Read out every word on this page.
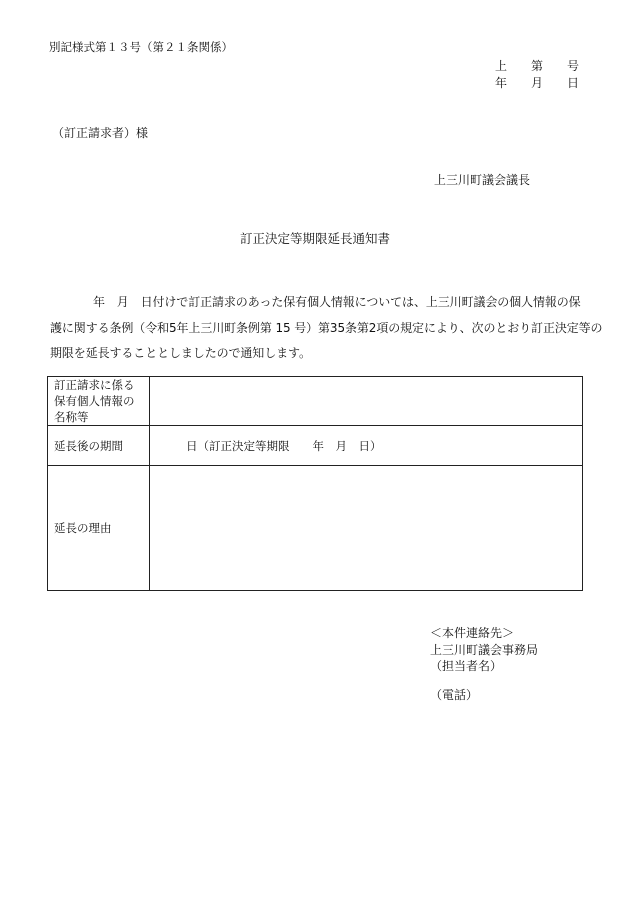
別記様式第１３号（第２１条関係）
上　　第　　号
年　　月　　日
（訂正請求者）様
上三川町議会議長
訂正決定等期限延長通知書
年　月　日付けで訂正請求のあった保有個人情報については、上三川町議会の個人情報の保
護に関する条例（令和5年上三川町条例第 15 号）第35条第2項の規定により、次のとおり訂正決定等の
期限を延長することとしましたので通知します。
訂正請求に係る
保有個人情報の
名称等	

延長後の期間	日（訂正決定等期限　　年　月　日）
延長の理由	
＜本件連絡先＞
上三川町議会事務局
（担当者名）
（電話）
